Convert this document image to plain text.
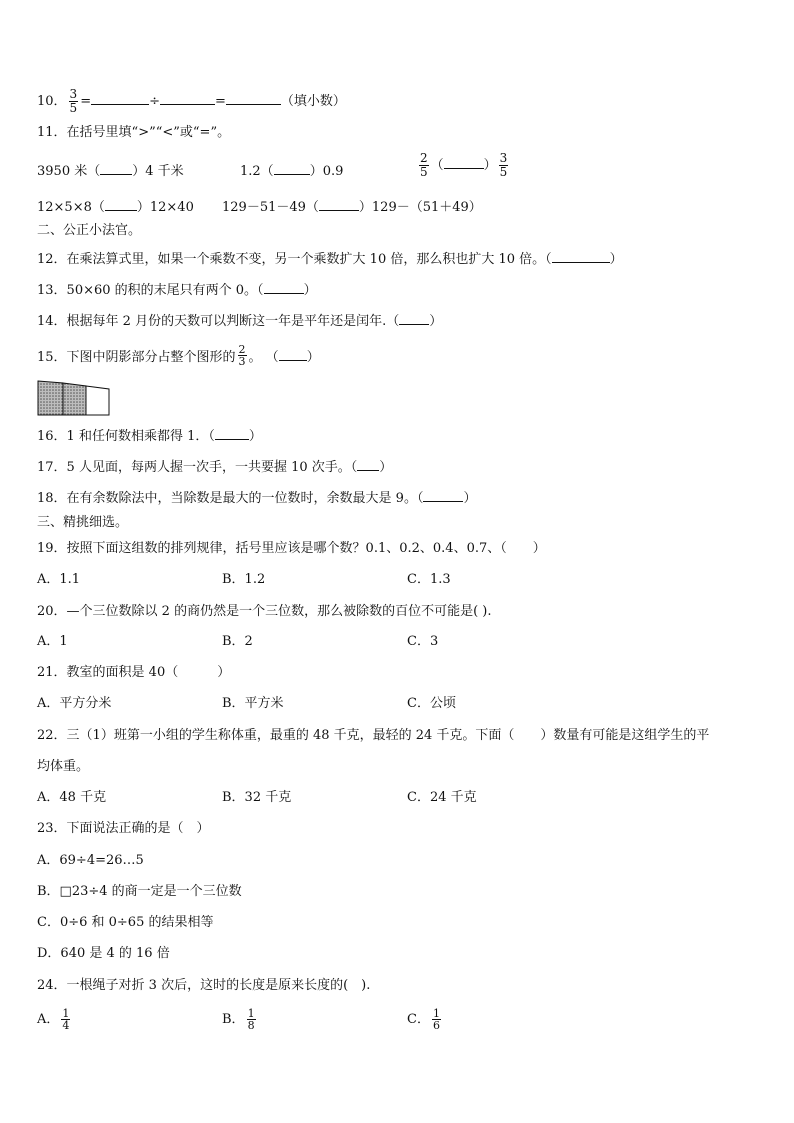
10． $\frac{3}{5}$ =	÷	=	（填小数）
11．在括号里填“>”“<”或“=”。
3950 米（ ）4 千米	1.2（	）0.9	$\frac{2}{5}$ （	） $\frac{3}{5}$
12×5×8（ ）12×40 129－51－49（	）129－（51＋49）
二、公正小法官。
12．在乘法算式里，如果一个乘数不变，另一个乘数扩大 10 倍，那么积也扩大 10 倍。（	）
13．50×60 的积的末尾只有两个 0。（	）
14．根据每年 2 月份的天数可以判断这一年是平年还是闰年.（ ）
15．下图中阴影部分占整个图形的 $\frac{2}{3}$ 。 （ ）
16．1 和任何数相乘都得 1．（	）
17．5 人见面，每两人握一次手，一共要握 10 次手。（ ）
18．在有余数除法中，当除数是最大的一位数时，余数最大是 9。（	）
三、精挑细选。
19．按照下面这组数的排列规律，括号里应该是哪个数？0.1、0.2、0.4、0.7、（　　）
A．1.1	B．1.2	C．1.3
20．—个三位数除以 2 的商仍然是一个三位数，那么被除数的百位不可能是( ).
A．1	B．2	C．3
21．教室的面积是 40（　　　）
A．平方分米	B．平方米	C．公顷
22．三（1）班第一小组的学生称体重，最重的 48 千克，最轻的 24 千克。下面（　　）数量有可能是这组学生的平
均体重。
A．48 千克	B．32 千克	C．24 千克
23．下面说法正确的是（　）
A．69÷4=26…5
B．□23÷4 的商一定是一个三位数
C．0÷6 和 0÷65 的结果相等
D．640 是 4 的 16 倍
24．一根绳子对折 3 次后，这时的长度是原来长度的(　).
A． $\frac{1}{4}$	B． $\frac{1}{8}$	C． $\frac{1}{6}$
